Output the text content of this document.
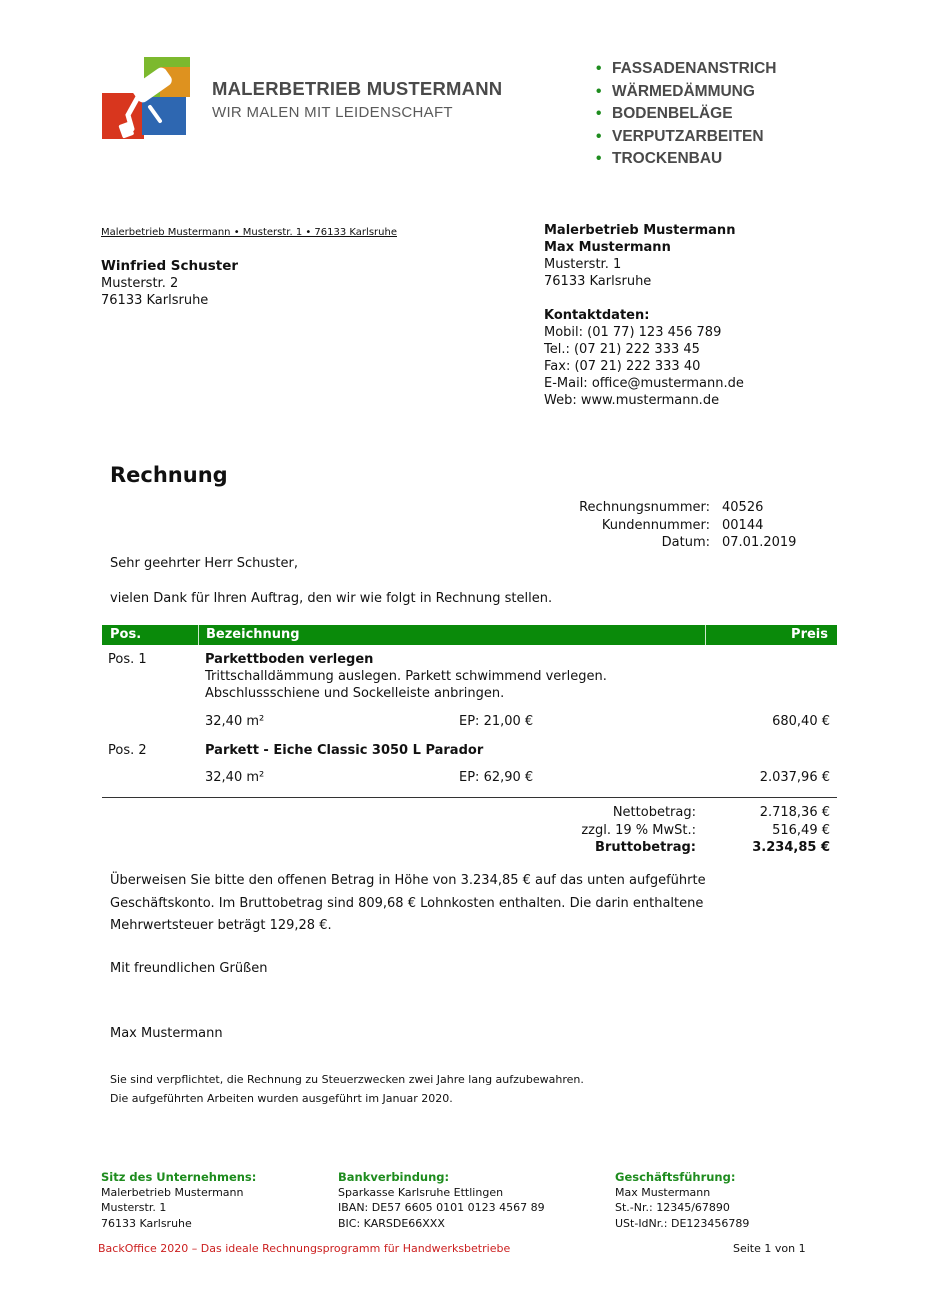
MALERBETRIEB MUSTERMANN
WIR MALEN MIT LEIDENSCHAFT
• FASSADENANSTRICH
• WÄRMEDÄMMUNG
• BODENBELÄGE
• VERPUTZARBEITEN
• TROCKENBAU
Malerbetrieb Mustermann • Musterstr. 1 • 76133 Karlsruhe
Winfried Schuster
Musterstr. 2
76133 Karlsruhe
Malerbetrieb Mustermann
Max Mustermann
Musterstr. 1
76133 Karlsruhe
Kontaktdaten:
Mobil: (01 77) 123 456 789
Tel.: (07 21) 222 333 45
Fax: (07 21) 222 333 40
E-Mail: office@mustermann.de
Web: www.mustermann.de
Rechnung
Rechnungsnummer: 40526
Kundennummer: 00144
Datum: 07.01.2019
Sehr geehrter Herr Schuster,
vielen Dank für Ihren Auftrag, den wir wie folgt in Rechnung stellen.
Pos.	Bezeichnung	Preis
Pos. 1	Parkettboden verlegen
Trittschalldämmung auslegen. Parkett schwimmend verlegen.
Abschlussschiene und Sockelleiste anbringen.
32,40 m²	EP: 21,00 €	680,40 €
Pos. 2	Parkett - Eiche Classic 3050 L Parador
32,40 m²	EP: 62,90 €	2.037,96 €
Nettobetrag:	2.718,36 €
zzgl. 19 % MwSt.:	516,49 €
Bruttobetrag:	3.234,85 €
Überweisen Sie bitte den offenen Betrag in Höhe von 3.234,85 € auf das unten aufgeführte
Geschäftskonto. Im Bruttobetrag sind 809,68 € Lohnkosten enthalten. Die darin enthaltene
Mehrwertsteuer beträgt 129,28 €.
Mit freundlichen Grüßen
Max Mustermann
Sie sind verpflichtet, die Rechnung zu Steuerzwecken zwei Jahre lang aufzubewahren.
Die aufgeführten Arbeiten wurden ausgeführt im Januar 2020.
Sitz des Unternehmens:
Malerbetrieb Mustermann
Musterstr. 1
76133 Karlsruhe
Bankverbindung:
Sparkasse Karlsruhe Ettlingen
IBAN: DE57 6605 0101 0123 4567 89
BIC: KARSDE66XXX
Geschäftsführung:
Max Mustermann
St.-Nr.: 12345/67890
USt-IdNr.: DE123456789
BackOffice 2020 – Das ideale Rechnungsprogramm für Handwerksbetriebe	Seite 1 von 1
